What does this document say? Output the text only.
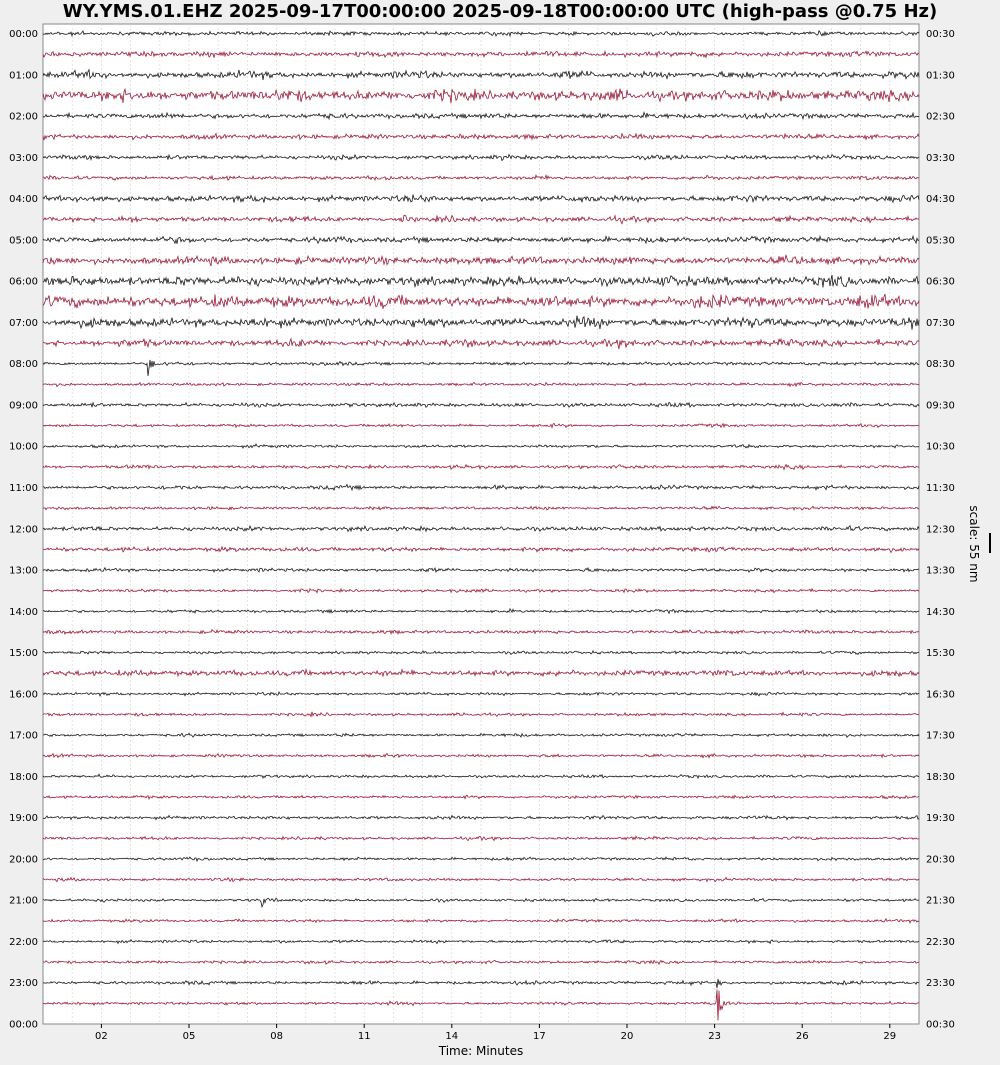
WY.YMS.01.EHZ 2025-09-17T00:00:00 2025-09-18T00:00:00 UTC (high-pass @0.75 Hz)
00:00
01:00
02:00
03:00
04:00
05:00
06:00
07:00
08:00
09:00
10:00
11:00
12:00
13:00
14:00
15:00
16:00
17:00
18:00
19:00
20:00
21:00
22:00
23:00
00:00
00:30
01:30
02:30
03:30
04:30
05:30
06:30
07:30
08:30
09:30
10:30
11:30
12:30
13:30
14:30
15:30
16:30
17:30
18:30
19:30
20:30
21:30
22:30
23:30
00:30
02	05	08	11	14	17	20	23	26	29
Time: Minutes
scale: 55 nm
